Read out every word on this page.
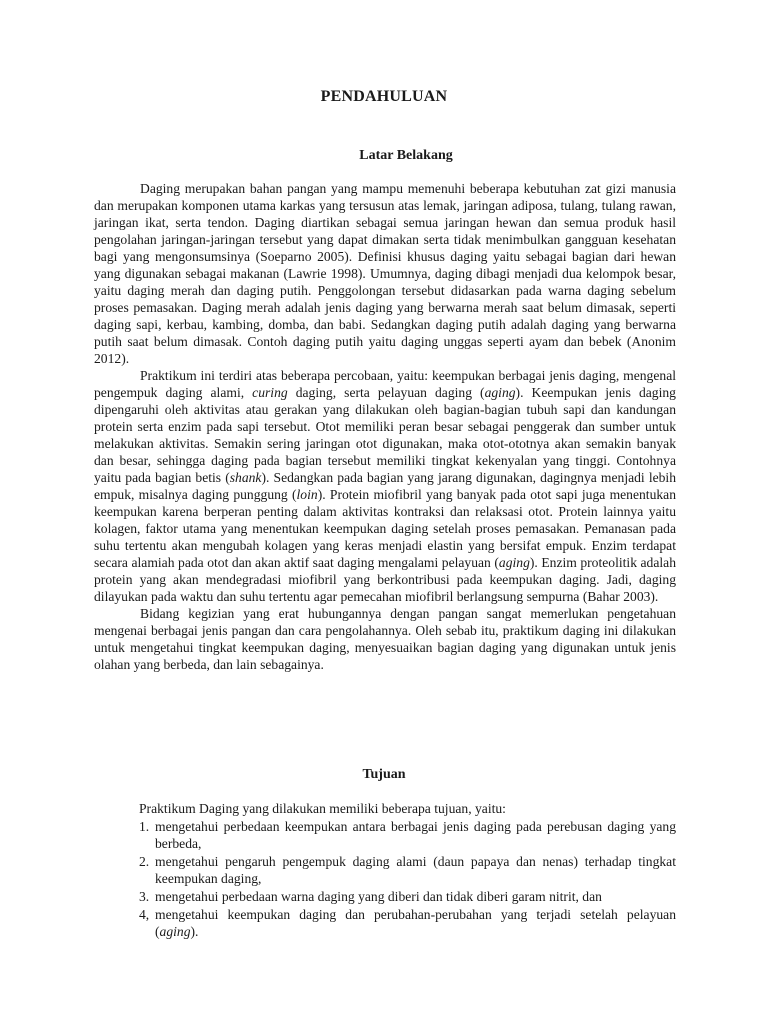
PENDAHULUAN
Latar Belakang

Daging merupakan bahan pangan yang mampu memenuhi beberapa kebutuhan zat gizi manusia dan merupakan komponen utama karkas yang tersusun atas lemak, jaringan adiposa, tulang, tulang rawan, jaringan ikat, serta tendon. Daging diartikan sebagai semua jaringan hewan dan semua produk hasil pengolahan jaringan-jaringan tersebut yang dapat dimakan serta tidak menimbulkan gangguan kesehatan bagi yang mengonsumsinya (Soeparno 2005). Definisi khusus daging yaitu sebagai bagian dari hewan yang digunakan sebagai makanan (Lawrie 1998). Umumnya, daging dibagi menjadi dua kelompok besar, yaitu daging merah dan daging putih. Penggolongan tersebut didasarkan pada warna daging sebelum proses pemasakan. Daging merah adalah jenis daging yang berwarna merah saat belum dimasak, seperti daging sapi, kerbau, kambing, domba, dan babi. Sedangkan daging putih adalah daging yang berwarna putih saat belum dimasak. Contoh daging putih yaitu daging unggas seperti ayam dan bebek (Anonim 2012).

Praktikum ini terdiri atas beberapa percobaan, yaitu: keempukan berbagai jenis daging, mengenal pengempuk daging alami, curing daging, serta pelayuan daging (aging). Keempukan jenis daging dipengaruhi oleh aktivitas atau gerakan yang dilakukan oleh bagian-bagian tubuh sapi dan kandungan protein serta enzim pada sapi tersebut. Otot memiliki peran besar sebagai penggerak dan sumber untuk melakukan aktivitas. Semakin sering jaringan otot digunakan, maka otot-ototnya akan semakin banyak dan besar, sehingga daging pada bagian tersebut memiliki tingkat kekenyalan yang tinggi. Contohnya yaitu pada bagian betis (shank). Sedangkan pada bagian yang jarang digunakan, dagingnya menjadi lebih empuk, misalnya daging punggung (loin). Protein miofibril yang banyak pada otot sapi juga menentukan keempukan karena berperan penting dalam aktivitas kontraksi dan relaksasi otot. Protein lainnya yaitu kolagen, faktor utama yang menentukan keempukan daging setelah proses pemasakan. Pemanasan pada suhu tertentu akan mengubah kolagen yang keras menjadi elastin yang bersifat empuk. Enzim terdapat secara alamiah pada otot dan akan aktif saat daging mengalami pelayuan (aging). Enzim proteolitik adalah protein yang akan mendegradasi miofibril yang berkontribusi pada keempukan daging. Jadi, daging dilayukan pada waktu dan suhu tertentu agar pemecahan miofibril berlangsung sempurna (Bahar 2003).

Bidang kegizian yang erat hubungannya dengan pangan sangat memerlukan pengetahuan mengenai berbagai jenis pangan dan cara pengolahannya. Oleh sebab itu, praktikum daging ini dilakukan untuk mengetahui tingkat keempukan daging, menyesuaikan bagian daging yang digunakan untuk jenis olahan yang berbeda, dan lain sebagainya.

Tujuan

Praktikum Daging yang dilakukan memiliki beberapa tujuan, yaitu:

1. mengetahui perbedaan keempukan antara berbagai jenis daging pada perebusan daging yang berbeda,
2. mengetahui pengaruh pengempuk daging alami (daun papaya dan nenas) terhadap tingkat keempukan daging,
3. mengetahui perbedaan warna daging yang diberi dan tidak diberi garam nitrit, dan
4, mengetahui keempukan daging dan perubahan-perubahan yang terjadi setelah pelayuan (aging).
